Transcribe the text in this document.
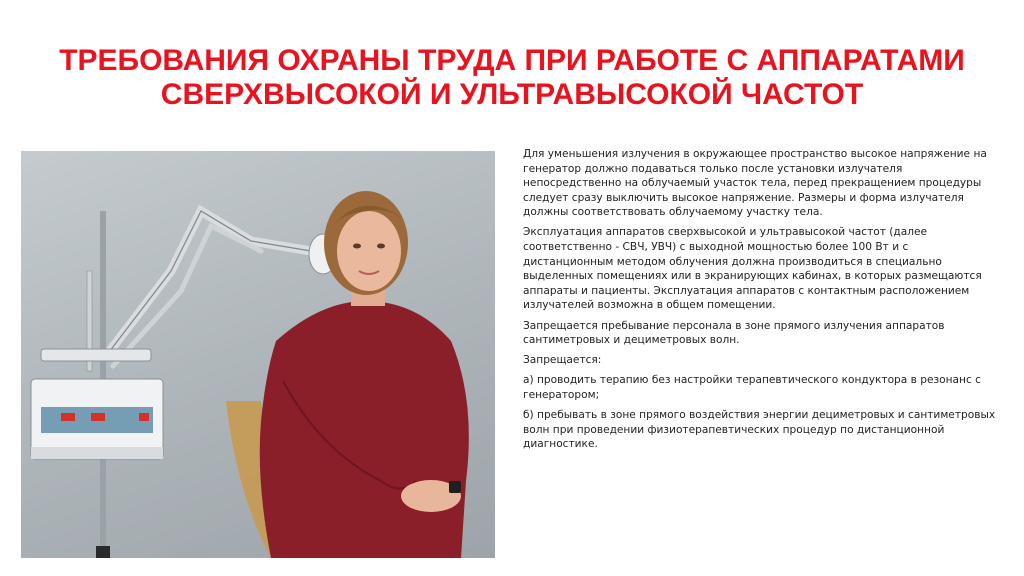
ТРЕБОВАНИЯ ОХРАНЫ ТРУДА ПРИ РАБОТЕ С АППАРАТАМИ
СВЕРХВЫСОКОЙ И УЛЬТРАВЫСОКОЙ ЧАСТОТ

Для уменьшения излучения в окружающее пространство высокое напряжение на генератор должно подаваться только после установки излучателя непосредственно на облучаемый участок тела, перед прекращением процедуры следует сразу выключить высокое напряжение. Размеры и форма излучателя должны соответствовать облучаемому участку тела.

Эксплуатация аппаратов сверхвысокой и ультравысокой частот (далее соответственно - СВЧ, УВЧ) с выходной мощностью более 100 Вт и с дистанционным методом облучения должна производиться в специально выделенных помещениях или в экранирующих кабинах, в которых размещаются аппараты и пациенты. Эксплуатация аппаратов с контактным расположением излучателей возможна в общем помещении.

Запрещается пребывание персонала в зоне прямого излучения аппаратов сантиметровых и дециметровых волн.

Запрещается:

а) проводить терапию без настройки терапевтического кондуктора в резонанс с генератором;

б) пребывать в зоне прямого воздействия энергии дециметровых и сантиметровых волн при проведении физиотерапевтических процедур по дистанционной диагностике.
